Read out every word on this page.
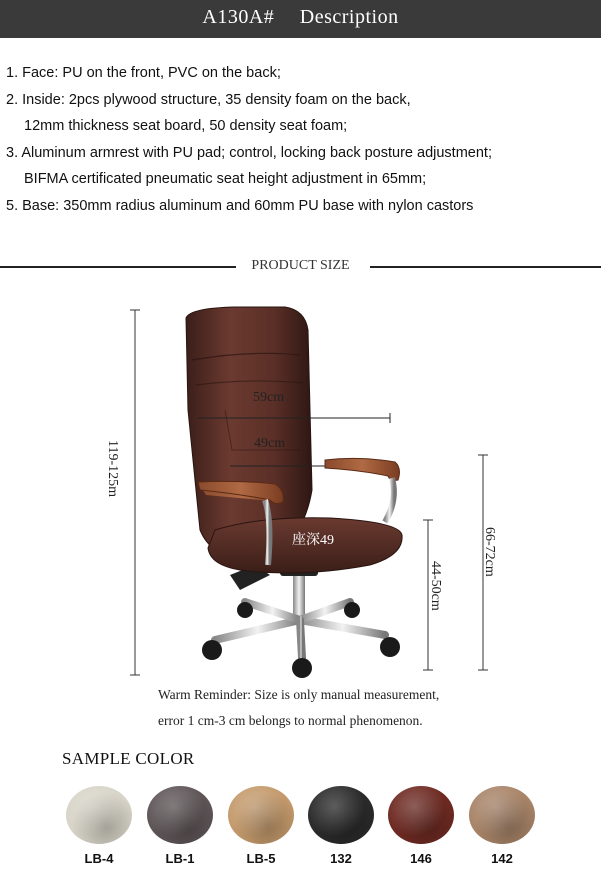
A130A# Description
1. Face: PU on the front, PVC on the back;
2. Inside: 2pcs plywood structure, 35 density foam on the back,
12mm thickness seat board, 50 density seat foam;
3. Aluminum armrest with PU pad; control, locking back posture adjustment;
BIFMA certificated pneumatic seat height adjustment in 65mm;
5. Base: 350mm radius aluminum and 60mm PU base with nylon castors
PRODUCT SIZE
119-125m
59cm
49cm
座深49
44-50cm
66-72cm
Warm Reminder: Size is only manual measurement,
error 1 cm-3 cm belongs to normal phenomenon.
SAMPLE COLOR
LB-4	LB-1	LB-5	132	146	142
